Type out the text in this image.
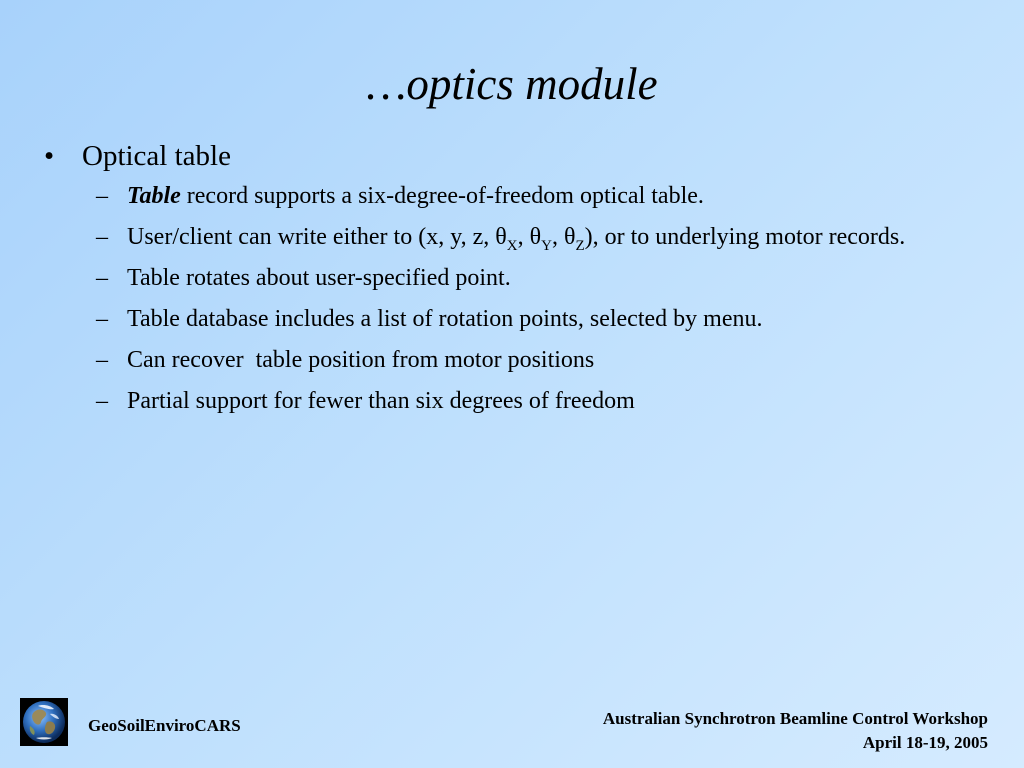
…optics module
• Optical table
– Table record supports a six-degree-of-freedom optical table.
– User/client can write either to (x, y, z, $\theta_X$, $\theta_Y$, $\theta_Z$), or to underlying motor records.
– Table rotates about user-specified point.
– Table database includes a list of rotation points, selected by menu.
– Can recover  table position from motor positions
– Partial support for fewer than six degrees of freedom
GeoSoilEnviroCARS	Australian Synchrotron Beamline Control Workshop
April 18-19, 2005
